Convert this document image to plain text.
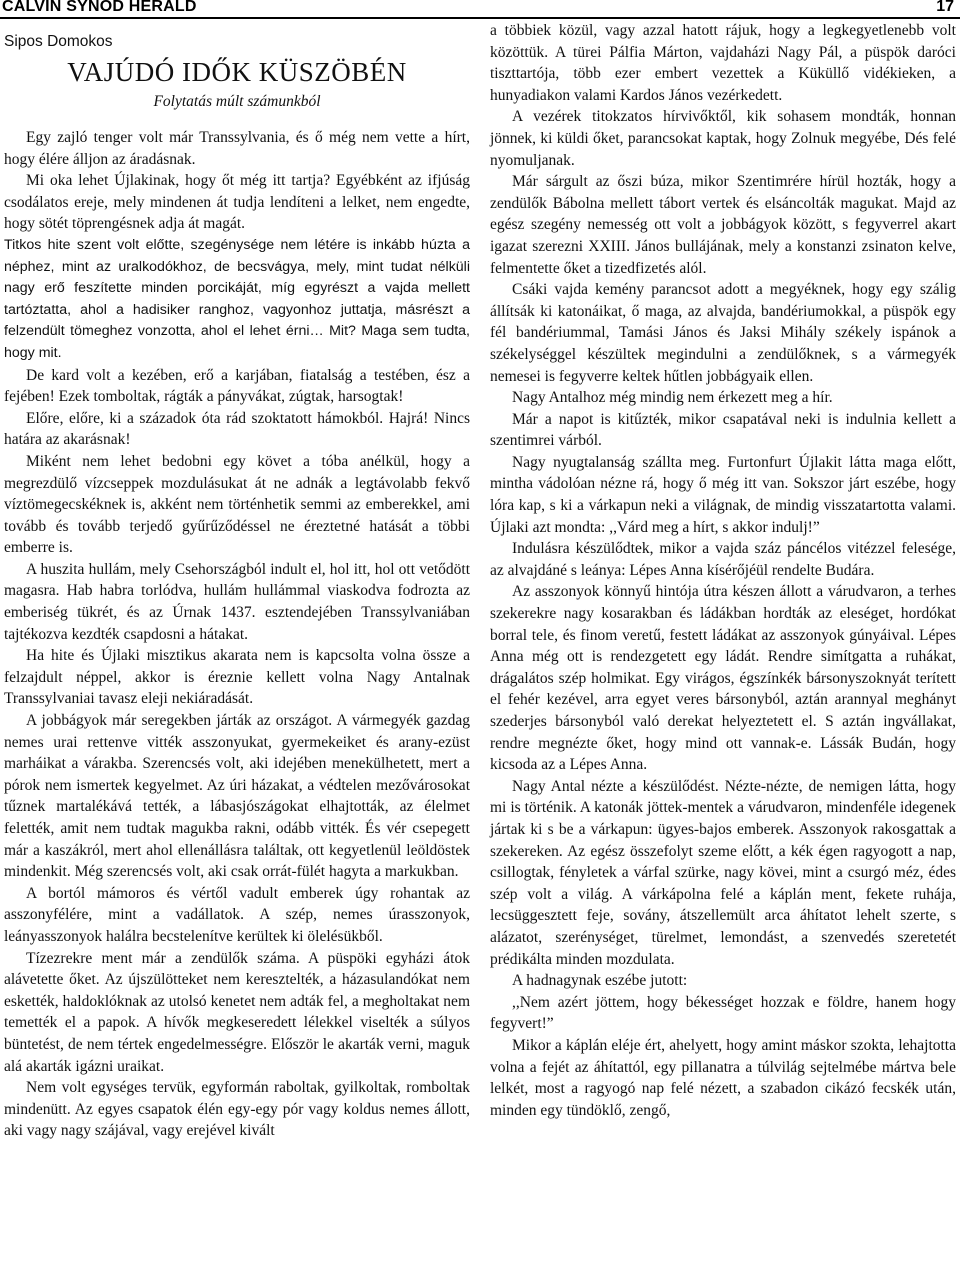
CALVIN SYNOD HERALD	17
Sipos Domokos
VAJÚDÓ IDŐK KÜSZÖBÉN
Folytatás múlt számunkból

Egy zajló tenger volt már Transsylvania, és ő még nem vette a hírt, hogy élére álljon az áradásnak.

Mi oka lehet Újlakinak, hogy őt még itt tartja? Egyébként az ifjúság csodálatos ereje, mely mindenen át tudja lendíteni a lelket, nem engedte, hogy sötét töprengésnek adja át magát.

Titkos hite szent volt előtte, szegénysége nem létére is inkább húzta a néphez, mint az uralkodókhoz, de becsvágya, mely, mint tudat nélküli nagy erő feszítette minden porcikáját, míg egyrészt a vajda mellett tartóztatta, ahol a hadisiker ranghoz, vagyonhoz juttatja, másrészt a felzendült tömeghez vonzotta, ahol el lehet érni… Mit? Maga sem tudta, hogy mit.

De kard volt a kezében, erő a karjában, fiatalság a testében, ész a fejében! Ezek tomboltak, rágták a pányvákat, zúgtak, harsogtak!

Előre, előre, ki a századok óta rád szoktatott hámokból. Hajrá! Nincs határa az akarásnak!

Miként nem lehet bedobni egy követ a tóba anélkül, hogy a megrezdülő vízcseppek mozdulásukat át ne adnák a legtávolabb fekvő víztömegecskéknek is, akként nem történhetik semmi az emberekkel, ami tovább és tovább terjedő gyűrűződéssel ne éreztetné hatását a többi emberre is.

A huszita hullám, mely Csehországból indult el, hol itt, hol ott vetődött magasra. Hab habra torlódva, hullám hullámmal viaskodva fodrozta az emberiség tükrét, és az Úrnak 1437. esztendejében Transsylvaniában tajtékozva kezdték csapdosni a hátakat.

Ha hite és Újlaki misztikus akarata nem is kapcsolta volna össze a felzajdult néppel, akkor is éreznie kellett volna Nagy Antalnak Transsylvaniai tavasz eleji nekiáradását.

A jobbágyok már seregekben járták az országot. A vármegyék gazdag nemes urai rettenve vitték asszonyukat, gyermekeiket és arany-ezüst marháikat a várakba. Szerencsés volt, aki idejében menekülhetett, mert a pórok nem ismertek kegyelmet. Az úri házakat, a védtelen mezővárosokat tűznek martalékává tették, a lábasjószágokat elhajtották, az élelmet felették, amit nem tudtak magukba rakni, odább vitték. És vér csepegett már a kaszákról, mert ahol ellenállásra találtak, ott kegyetlenül leöldöstek mindenkit. Még szerencsés volt, aki csak orrát-fülét hagyta a markukban.

A bortól mámoros és vértől vadult emberek úgy rohantak az asszonyfélére, mint a vadállatok. A szép, nemes úrasszonyok, leányasszonyok halálra becstelenítve kerültek ki ölelésükből.

Tízezrekre ment már a zendülők száma. A püspöki egyházi átok alávetette őket. Az újszülötteket nem keresztelték, a házasulandókat nem eskették, haldoklóknak az utolsó kenetet nem adták fel, a megholtakat nem temették el a papok. A hívők megkeseredett lélekkel viselték a súlyos büntetést, de nem tértek engedelmességre. Először le akarták verni, maguk alá akarták igázni uraikat.

Nem volt egységes tervük, egyformán raboltak, gyilkoltak, romboltak mindenütt. Az egyes csapatok élén egy-egy pór vagy koldus nemes állott, aki vagy nagy szájával, vagy erejével kivált

a többiek közül, vagy azzal hatott rájuk, hogy a legkegyetlenebb volt közöttük. A türei Pálfia Márton, vajdaházi Nagy Pál, a püspök daróci tiszttartója, több ezer embert vezettek a Küküllő vidékieken, a hunyadiakon valami Kardos János vezérkedett.

A vezérek titokzatos hírvivőktől, kik sohasem mondták, honnan jönnek, ki küldi őket, parancsokat kaptak, hogy Zolnuk megyébe, Dés felé nyomuljanak.

Már sárgult az őszi búza, mikor Szentimrére hírül hozták, hogy a zendülők Bábolna mellett tábort vertek és elsáncolták magukat. Majd az egész szegény nemesség ott volt a jobbágyok között, s fegyverrel akart igazat szerezni XXIII. János bullájának, mely a konstanzi zsinaton kelve, felmentette őket a tizedfizetés alól.

Csáki vajda kemény parancsot adott a megyéknek, hogy egy szálig állítsák ki katonáikat, ő maga, az alvajda, bandériumokkal, a püspök egy fél bandériummal, Tamási János és Jaksi Mihály székely ispánok a székelységgel készültek megindulni a zendülőknek, s a vármegyék nemesei is fegyverre keltek hűtlen jobbágyaik ellen.

Nagy Antalhoz még mindig nem érkezett meg a hír.

Már a napot is kitűzték, mikor csapatával neki is indulnia kellett a szentimrei várból.

Nagy nyugtalanság szállta meg. Furtonfurt Újlakit látta maga előtt, mintha vádolóan nézne rá, hogy ő még itt van. Sokszor járt eszébe, hogy lóra kap, s ki a várkapun neki a világnak, de mindig visszatartotta valami. Újlaki azt mondta: ,,Várd meg a hírt, s akkor indulj!”

Indulásra készülődtek, mikor a vajda száz páncélos vitézzel felesége, az alvajdáné s leánya: Lépes Anna kísérőjéül rendelte Budára.

Az asszonyok könnyű hintója útra készen állott a várudvaron, a terhes szekerekre nagy kosarakban és ládákban hordták az eleséget, hordókat borral tele, és finom veretű, festett ládákat az asszonyok gúnyáival. Lépes Anna még ott is rendezgetett egy ládát. Rendre simítgatta a ruhákat, drágalátos szép holmikat. Egy virágos, égszínkék bársonyszoknyát terített el fehér kezével, arra egyet veres bársonyból, aztán arannyal meghányt szederjes bársonyból való derekat helyeztetett el. S aztán ingvállakat, rendre megnézte őket, hogy mind ott vannak-e. Lássák Budán, hogy kicsoda az a Lépes Anna.

Nagy Antal nézte a készülődést. Nézte-nézte, de nemigen látta, hogy mi is történik. A katonák jöttek-mentek a várudvaron, mindenféle idegenek jártak ki s be a várkapun: ügyes-bajos emberek. Asszonyok rakosgattak a szekereken. Az egész összefolyt szeme előtt, a kék égen ragyogott a nap, csillogtak, fényletek a várfal szürke, nagy kövei, mint a csurgó méz, édes szép volt a világ. A várkápolna felé a káplán ment, fekete ruhája, lecsüggesztett feje, sovány, átszellemült arca áhítatot lehelt szerte, s alázatot, szerénységet, türelmet, lemondást, a szenvedés szeretetét prédikálta minden mozdulata.

A hadnagynak eszébe jutott:

,,Nem azért jöttem, hogy békességet hozzak e földre, hanem hogy fegyvert!”

Mikor a káplán eléje ért, ahelyett, hogy amint máskor szokta, lehajtotta volna a fejét az áhítattól, egy pillanatra a túlvilág sejtelmébe mártva bele lelkét, most a ragyogó nap felé nézett, a szabadon cikázó fecskék után, minden egy tündöklő, zengő,
